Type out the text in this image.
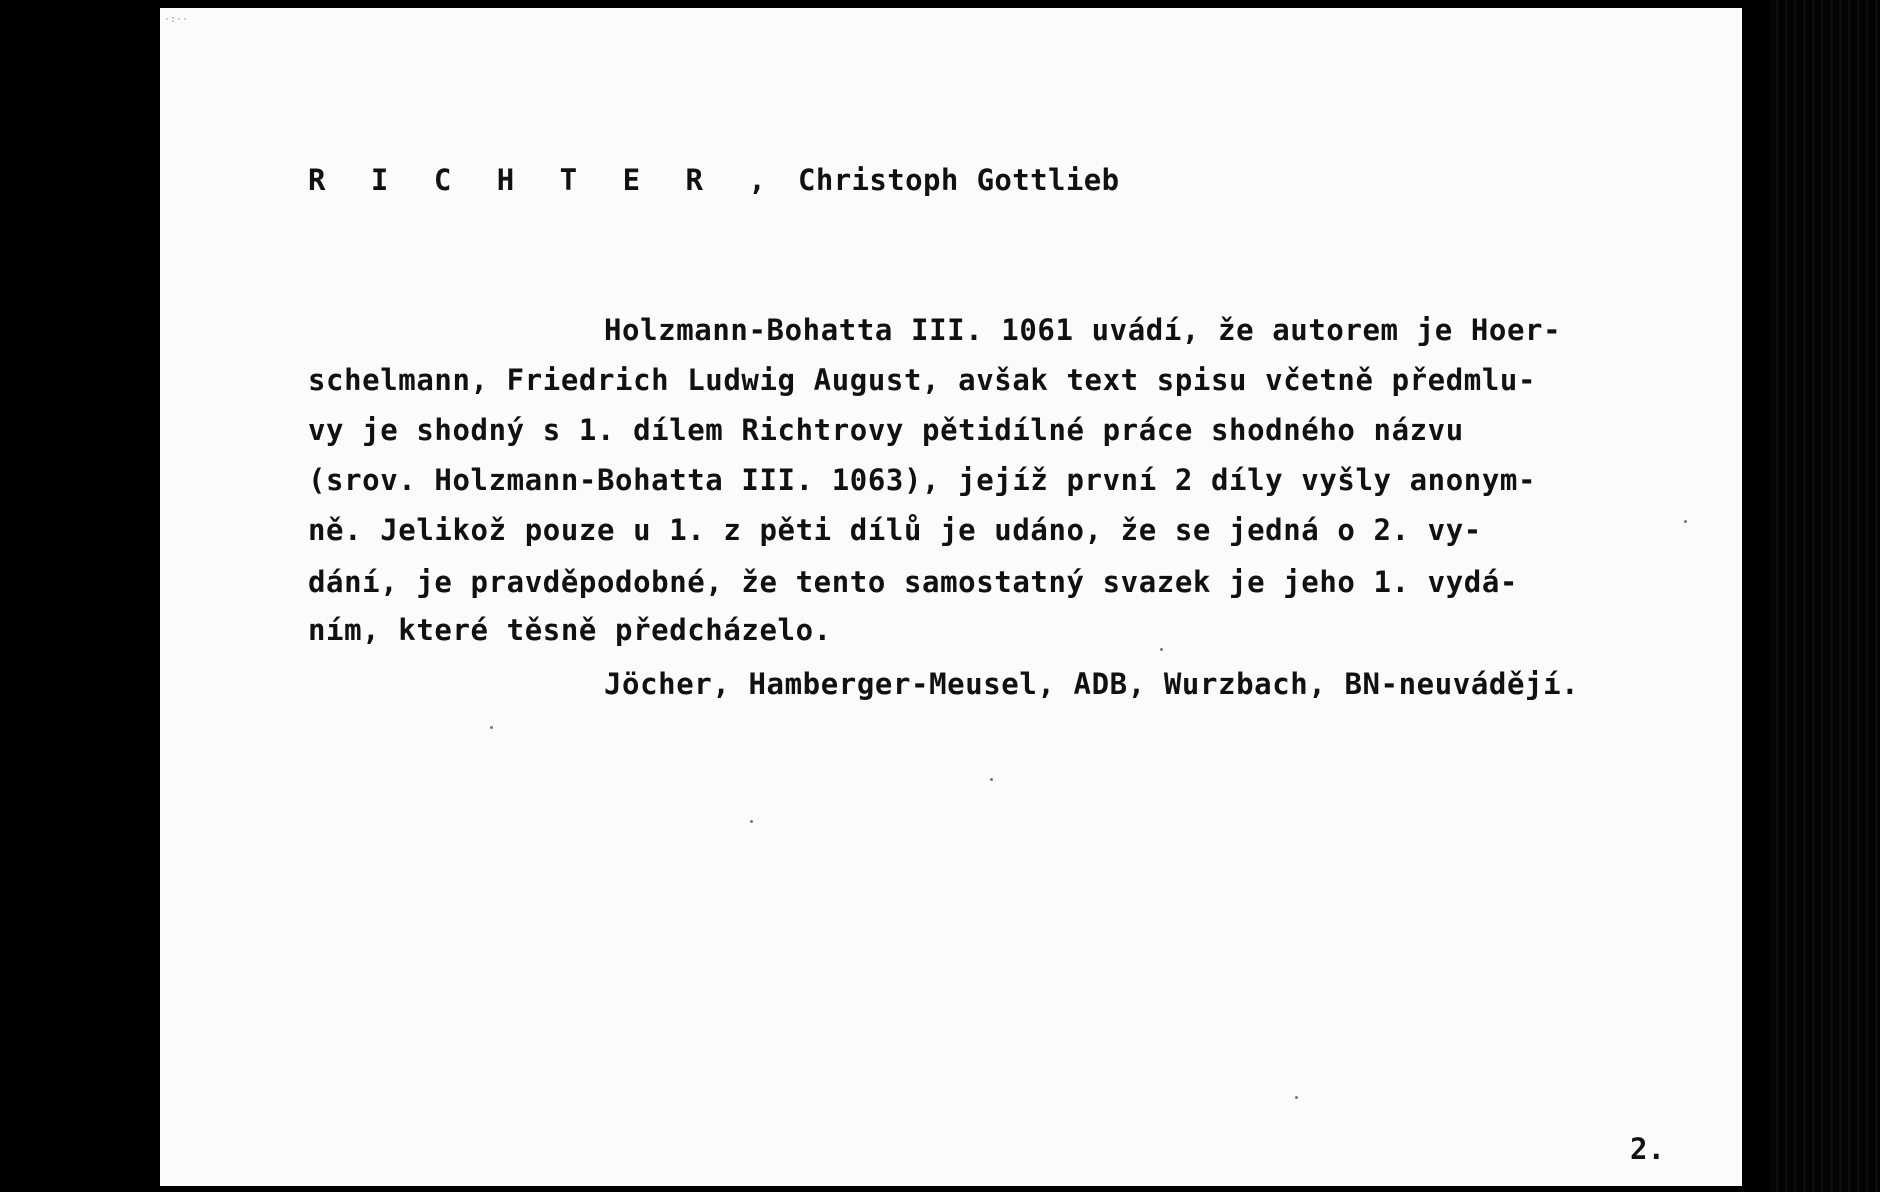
·:··
R I C H T E R , Christoph Gottlieb
Holzmann-Bohatta III. 1061 uvádí, že autorem je Hoer-
schelmann, Friedrich Ludwig August, avšak text spisu včetně předmlu-
vy je shodný s 1. dílem Richtrovy pětidílné práce shodného názvu
(srov. Holzmann-Bohatta III. 1063), jejíž první 2 díly vyšly anonym-
ně. Jelikož pouze u 1. z pěti dílů je udáno, že se jedná o 2. vy-
dání, je pravděpodobné, že tento samostatný svazek je jeho 1. vydá-
ním, které těsně předcházelo.
Jöcher, Hamberger-Meusel, ADB, Wurzbach, BN-neuvádějí.
2.
